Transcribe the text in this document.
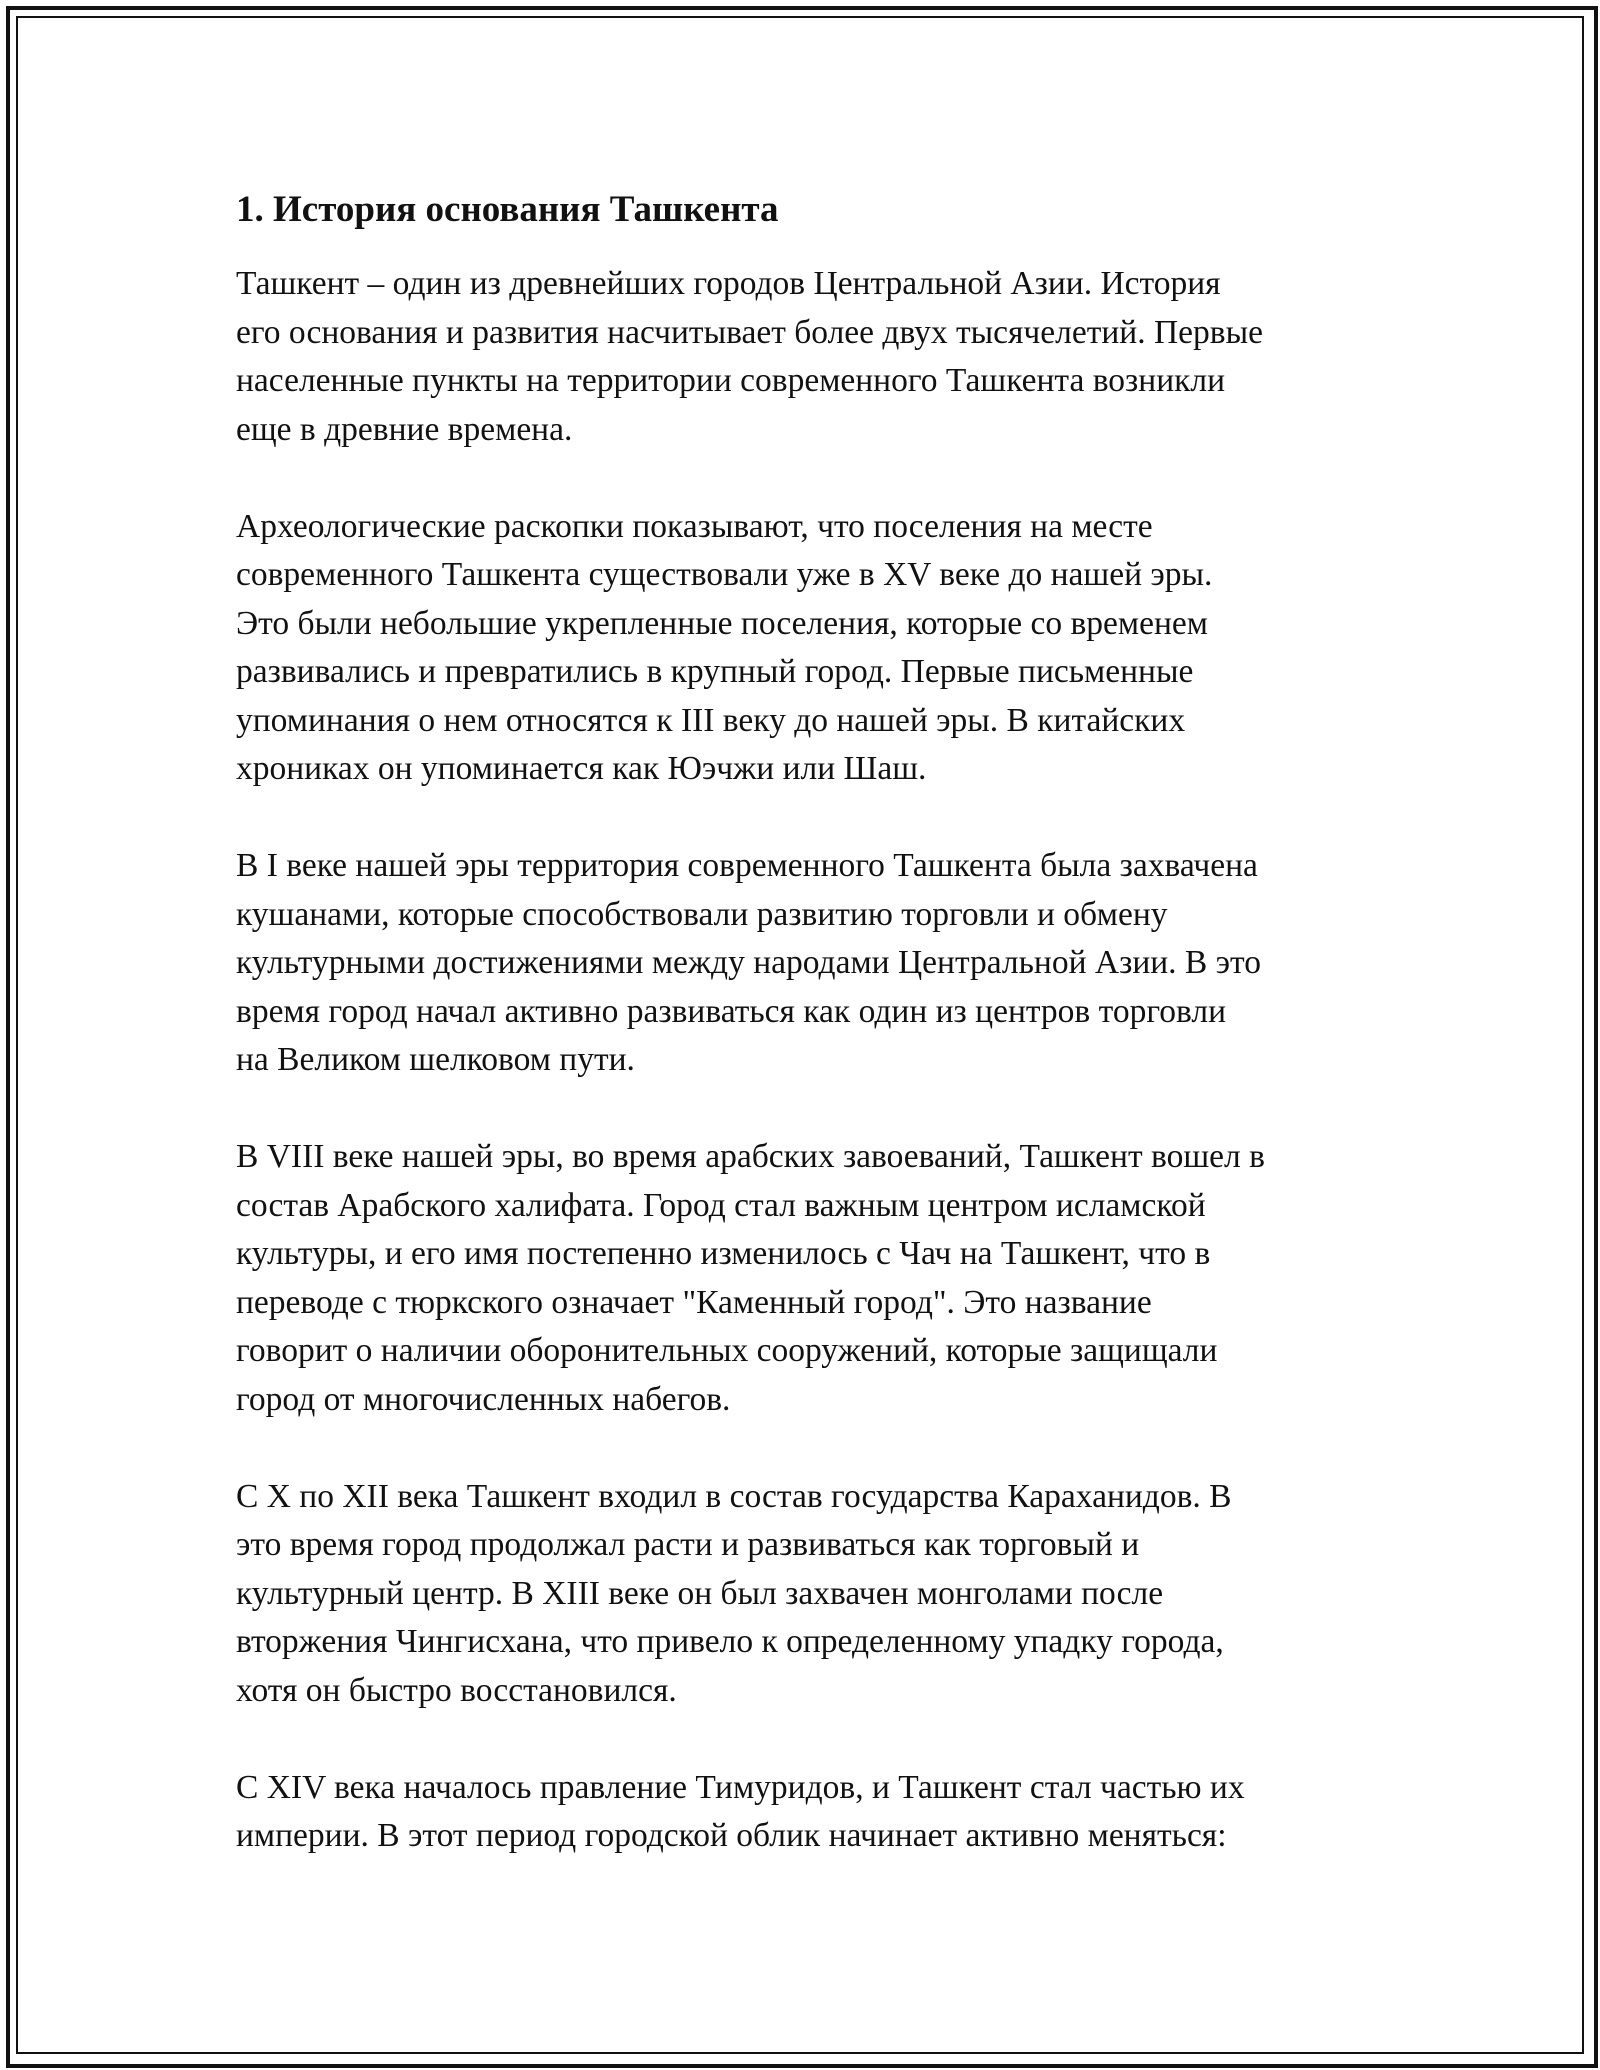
1. История основания Ташкента

Ташкент – один из древнейших городов Центральной Азии. История
его основания и развития насчитывает более двух тысячелетий. Первые
населенные пункты на территории современного Ташкента возникли
еще в древние времена.

Археологические раскопки показывают, что поселения на месте
современного Ташкента существовали уже в XV веке до нашей эры.
Это были небольшие укрепленные поселения, которые со временем
развивались и превратились в крупный город. Первые письменные
упоминания о нем относятся к III веку до нашей эры. В китайских
хрониках он упоминается как Юэчжи или Шаш.

В I веке нашей эры территория современного Ташкента была захвачена
кушанами, которые способствовали развитию торговли и обмену
культурными достижениями между народами Центральной Азии. В это
время город начал активно развиваться как один из центров торговли
на Великом шелковом пути.

В VIII веке нашей эры, во время арабских завоеваний, Ташкент вошел в
состав Арабского халифата. Город стал важным центром исламской
культуры, и его имя постепенно изменилось с Чач на Ташкент, что в
переводе с тюркского означает "Каменный город". Это название
говорит о наличии оборонительных сооружений, которые защищали
город от многочисленных набегов.

С X по XII века Ташкент входил в состав государства Караханидов. В
это время город продолжал расти и развиваться как торговый и
культурный центр. В XIII веке он был захвачен монголами после
вторжения Чингисхана, что привело к определенному упадку города,
хотя он быстро восстановился.

С XIV века началось правление Тимуридов, и Ташкент стал частью их
империи. В этот период городской облик начинает активно меняться:
